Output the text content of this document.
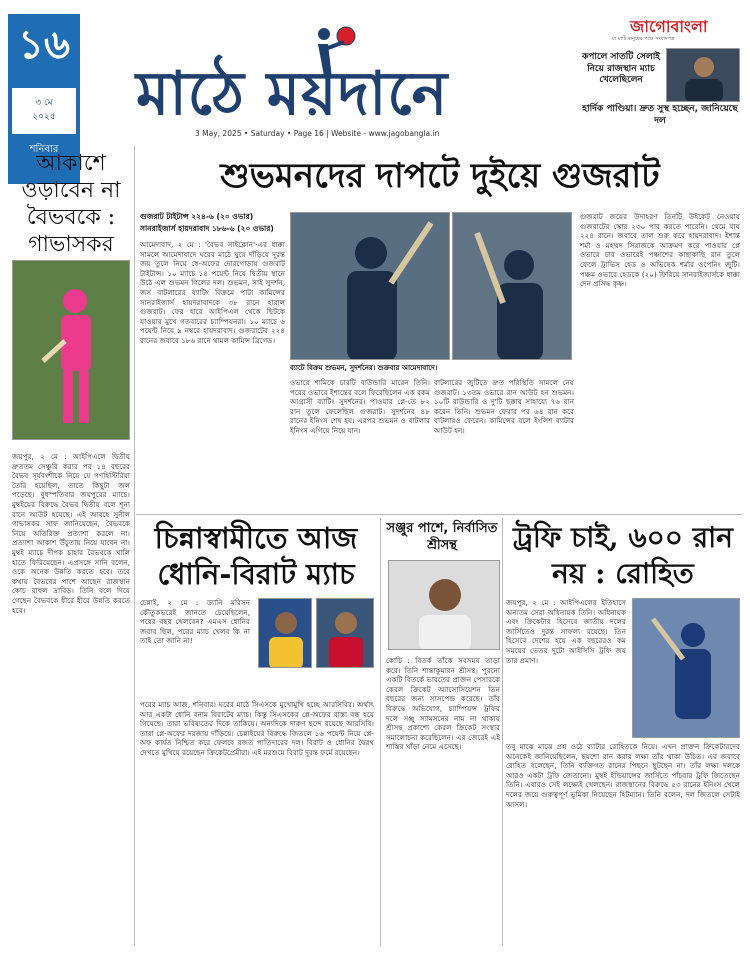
১৬
৩ মে
২০২৫
শনিবার
মাঠে ময়দানে
3 May, 2025 • Saturday • Page 16 | Website - www.jagobangla.in
জাগোবাংলা
মা মাটি মানুষের পক্ষে সংবাদপত্র
কপালে সাতটি সেলাই নিয়ে রাজস্থান ম্যাচ খেলেছিলেন
হার্দিক পাণ্ডিয়া। দ্রুত সুস্থ হচ্ছেন, জানিয়েছে দল
আকাশে ওড়াবেন না বৈভবকে : গাভাসকর
জয়পুর, ২ মে : আইপিএলে দ্বিতীয় দ্রুততম সেঞ্চুরি করার পর ১৪ বছরের বৈভব সূর্যবংশীকে নিয়ে যে গণহিস্টিরিয়া তৈরি হয়েছিল, তাতে কিছুটা জল পড়েছে। বুধস্পতিবার জয়পুরের ম্যাচে। মুম্বইয়ের বিরুদ্ধে বৈভব দ্বিতীয় বলে শূন্য রানে আউট হয়েছে। এই আবহে সুনীল গাভাসকর সাফ জানিয়েছেন, বৈভবকে নিয়ে অতিরিক্ত প্রত্যাশা করলে না। প্রত্যাশা আকাশ উঁচুতায় নিয়ে যাবেন না। মুম্বই ম্যাচে দীপক চাহার বৈভবকে খালি হাতে ফিরিয়েছেন। এপ্রসঙ্গে সানি বলেন, ওকে অনেক উন্নতি করতে হবে। তবে কথায় বৈভবের পাশে আছেন রাজস্থান কোচ রাহুল দ্রাবিড়। তিনি বলে দিয়ে গেছেন বৈভবকে ধীরে ধীরে উন্নতি করতে হবে।
শুভমনদের দাপটে দুইয়ে গুজরাট
গুজরাট টাইটান্স ২২৪-৬ (২০ ওভার)
সানরাইজার্স হায়দরাবাদ ১৮৬-৬ (২০ ওভার)
আমেদাবাদ, ২ মে : 'বৈভব সাইক্লোন'-এর ধাক্কা সামলে আমেদাবাদে ঘরের মাঠে ঘুরে দাঁড়িয়ে দুরন্ত জয় তুলে নিয়ে স্বে-অফের দোরগোড়ায় গুজরাট টাইটান্স। ১০ ম্যাচে ১৪ পয়েন্ট নিয়ে দ্বিতীয় স্থানে উঠে এল শুভমন গিলের দল। শুভমন, সাই সুদর্শন, জস বাটলারের ব্যাটিং বিক্রমে পাটা কামিন্সের সানরাইজার্স হায়দরাবাদকে ৩৮ রানে হারাল গুজরাট। ফের হারে আইপিএল থেকে ছিটকে যাওয়ার মুখে গতবারের চ্যাম্পিয়নরা। ১০ ম্যাচে ৬ পয়েন্ট নিয়ে ৯ নম্বরে হায়দরাবাদ। গুজরাটের ২২৪ রানের জবাবে ১৮৬ রানে থামল কামিন্স ব্রিগেড।
ব্যাটে বিক্রম শুভমন, সুদর্শনের। শুক্রবার আমেদাবাদে।
গুজরাট জয়ের উদাহরণ তিনটি উইকেট নেওয়ায় গুজরাটের স্কোর ২৩০ পার করতে পারেনি। থেমে যায় ২২৪ রানে। জবাবে তাল শুরু করে হায়দরাবাদ। ইশান্ত শর্মা ও মহম্মদ সিরাজকে আক্রমণ করে পাওয়ার প্লে ওভারে চার ওভারেই পঞ্চাশের কাছাকাছি রান তুলে ফেলে ট্রাভিস হেড ও অভিষেক শর্মার ওপেনিং জুটি। পঞ্চম ওভারে হেডকে (২০) ফিরিয়ে সানরাইজার্সকে ধাক্কা দেন প্রসিদ্ধ কৃষ্ণ।
ওভারে শামিকে চারটি বাউন্ডারি মারেন তিনি। পরের ওভারে ইশান্তের বলে ফিরেছিলেন এক রকম আগ্রাসী ব্যাটিং সুদর্শনের। পাওয়ার প্লে-তে ৮২ রান তুলে ফেলেছিল গুজরাট। সুদর্শনের ৪৮ রানের ইনিংস শেষ হয়। এরপর শুভমন ও বাটলার ইনিংস এগিয়ে নিয়ে যান।
বাটলারের জুটিতে দ্রুত পরিস্থিতি সামলে নেয় গুজরাট। ১৩তম ওভারে রান আউট হন শুভমন। ১০টি বাউন্ডারি ও দু'টি ছক্কার সাহায্যে ৭৬ রান করেন তিনি। শুভমন ফেরার পর ৬৪ রান করে বাটলারও ফেরেন। কামিন্সের বলে ইংলিশ ব্যাটার আউট হন।
চিন্নাস্বামীতে আজ ধোনি-বিরাট ম্যাচ
চেন্নাই, ২ মে : ড্যানি মরিসন কৌতুকভরেই জানতে চেয়েছিলেন, পরের বছর খেলবেন? এমএস ধোনির জবাব ছিল, পরের ম্যাচ খেলব কি না তাই তো জানি না!
পরের ম্যাচ আজ, শনিবার। ঘরের মাঠে সিএসকে মুখোমুখি হচ্ছে আরসিবির। অর্থাৎ আর একটা ধোনি বনাম বিরাটের ম্যাচ। কিন্তু সিএসকের প্লে-অফের রাস্তা বন্ধ হয়ে গিয়েছে। তারা ভবিষ্যতের দিকে তাকিয়ে। অন্যদিকে দারুণ ছন্দে রয়েছে আরসিবি। তারা প্লে-অফের দরজায় দাঁড়িয়ে। চেন্নাইয়ের বিরুদ্ধে জিতলে ১৬ পয়েন্ট নিয়ে প্লে-অফ কার্যত নিশ্চিত করে ফেলবে রজত পাতিদারের দল। বিরাট ও ধোনির দ্বৈরথ দেখতে মুখিয়ে রয়েছেন ক্রিকেটপ্রেমীরা। এই মরশুমে বিরাট দুরন্ত ফর্মে রয়েছেন।
সঞ্জুর পাশে, নির্বাসিত শ্রীসন্থ
কোচি : বিতর্ক তাঁকে সবসময় তাড়া করে। তিনি শান্তাকুমারন শ্রীসন্থ। পুরনো একটি বিতর্কে ভারতের প্রাক্তন পেসারকে কেরল ক্রিকেট অ্যাসোসিয়েশন তিন বছরের জন্য সাসপেন্ড করেছে। তাঁর বিরুদ্ধে অভিযোগ, চ্যাম্পিয়ন্স ট্রফির দলে সঞ্জু স্যামসনের নাম না থাকায় শ্রীসন্থ প্রকাশ্যে কেরল ক্রিকেট সংস্থার সমালোচনা করেছিলেন। এর জেরেই এই শাস্তির খাঁড়া নেমে এসেছে।
ট্রফি চাই, ৬০০ রান নয় : রোহিত
জয়পুর, ২ মে : আইপিএলের ইতিহাসে অন্যতম সেরা অধিনায়ক তিনি। অধিনায়ক এবং ক্রিকেটার হিসেবে জাতীয় দলের জার্সিতেও দুরন্ত সাফল্য রয়েছে। তিন হিসেবে দেশের হয়ে এক বছরেরও কম সময়ের ভেতর দুটো আইসিসি ট্রফি জয় তার প্রমাণ।
তবু মাঝে মাঝে প্রশ্ন ওঠে ব্যাটার রোহিতকে নিয়ে। এখন প্রাক্তন ক্রিকেটারদের অনেকেই জানিয়েছিলেন, ছয়শো রান করার লক্ষ্য তাঁর থাকা উচিত। এর জবাবে রোহিত বলেছেন, তিনি ব্যক্তিগত রানের পিছনে ছুটছেন না। তাঁর লক্ষ্য দলকে আরও একটা ট্রফি জেতানো। মুম্বই ইন্ডিয়ান্সের জার্সিতে পাঁচবার ট্রফি জিতেছেন তিনি। এবারও সেই লক্ষ্যেই খেলছেন। রাজস্থানের বিরুদ্ধে ৫৩ রানের ইনিংস খেলে দলের জয়ে গুরুত্বপূর্ণ ভূমিকা নিয়েছেন হিটম্যান। তিনি বলেন, দল জিতলে সেটাই আসল।
